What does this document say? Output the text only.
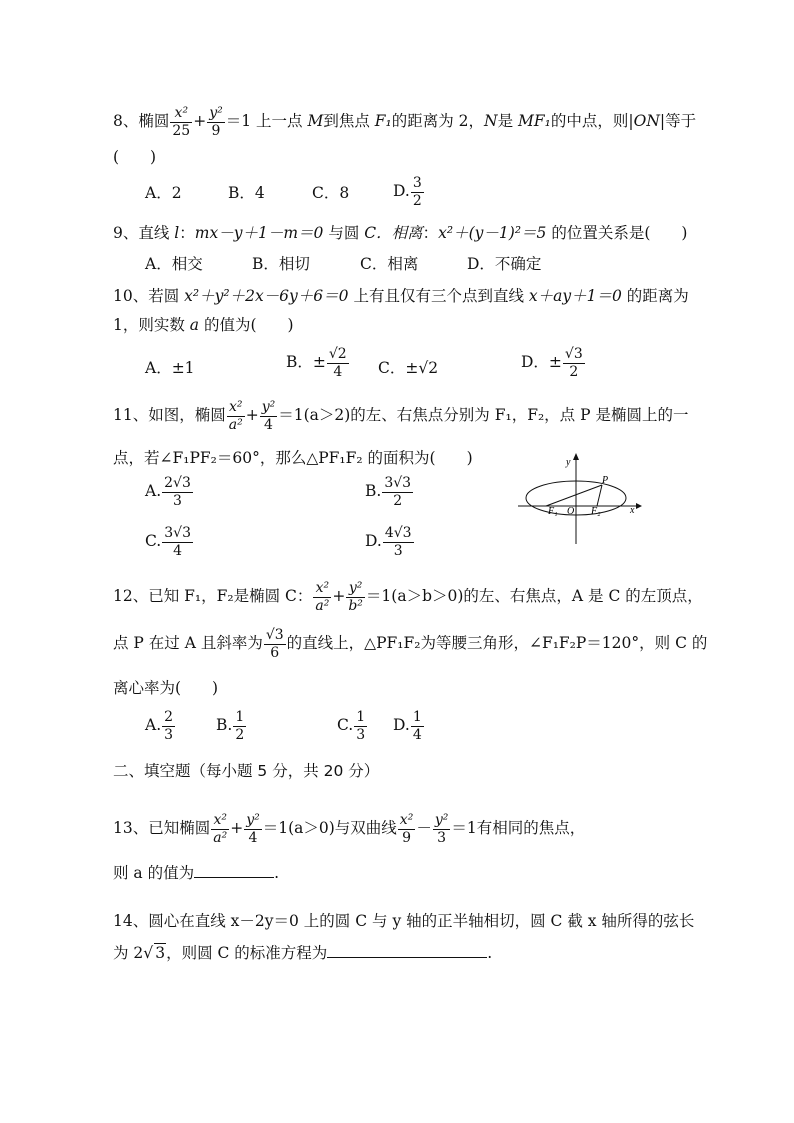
8、椭圆 $\frac{\text{x²}}{25} + \frac{\text{y²}}{9} =1$ 上一点 M到焦点 F₁的距离为 2，N是 MF₁的中点，则|ON|等于
(　　)
A．2	B．4	C．8	D. $\frac{3}{2}$
9、直线 l：mx－y＋1－m＝0 与圆 C．相离：x²＋(y－1)²＝5 的位置关系是(　　)
A．相交	B．相切	C．相离	D．不确定
10、若圆 x²＋y²＋2x－6y＋6＝0 上有且仅有三个点到直线 x＋ay＋1＝0 的距离为
1，则实数 a 的值为(　　)
A．±1	B．± $\frac{√2}{4}$ C．±√2	D．± $\frac{√3}{2}$
11、如图，椭圆 $\frac{\text{x²}}{\text{a²}} + \frac{\text{y²}}{4} =1(a>2)$的左、右焦点分别为 F₁，F₂，点 P 是椭圆上的一
点，若∠F₁PF₂＝60°，那么△PF₁F₂ 的面积为(　　)
A. $\frac{2√3}{3}$	B. $\frac{3√3}{2}$
C. $\frac{3√3}{4}$	D. $\frac{4√3}{3}$
y
x
P
F₁ O F₂
12、已知 F₁，F₂是椭圆 C： $\frac{\text{x²}}{\text{a²}} + \frac{\text{y²}}{\text{b²}} =1(a>b>0)$的左、右焦点，A 是 C 的左顶点，
点 P 在过 A 且斜率为 $\frac{√3}{6}$ 的直线上，△PF₁F₂为等腰三角形，∠F₁F₂P＝120°，则 C 的
离心率为(　　)
A. $\frac{2}{3}$	B. $\frac{1}{2}$	C. $\frac{1}{3} D$. $\frac{1}{4}$
二、填空题（每小题 5 分，共 20 分）
13、已知椭圆 $\frac{\text{x²}}{\text{a²}} + \frac{\text{y²}}{4} =1(a>0)$与双曲线 $\frac{\text{x²}}{9} - \frac{\text{y²}}{3} =1$有相同的焦点，
则 a 的值为	.
14、圆心在直线 x－2y＝0 上的圆 C 与 y 轴的正半轴相切，圆 C 截 x 轴所得的弦长
为 2√ 3，则圆 C 的标准方程为	.
